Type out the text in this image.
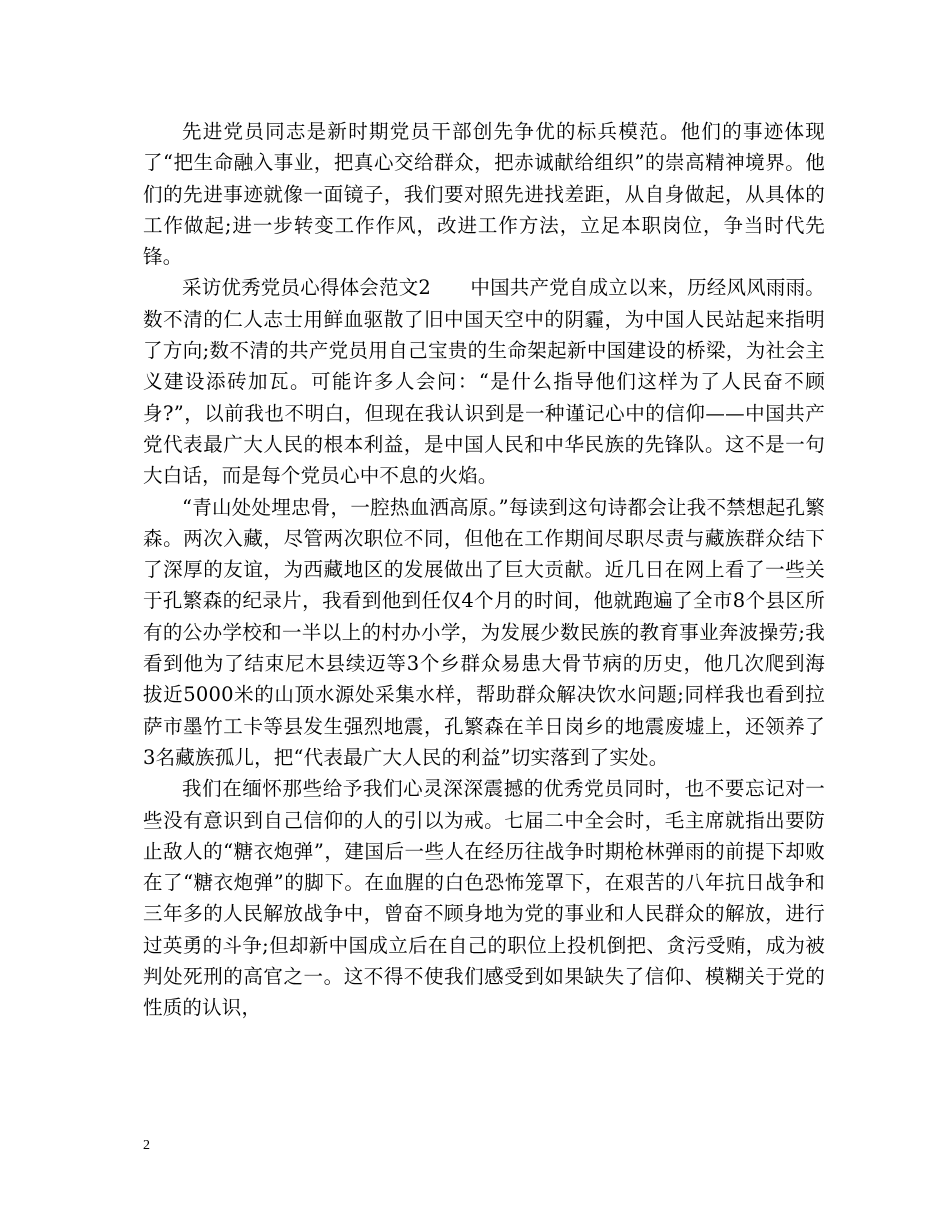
先进党员同志是新时期党员干部创先争优的标兵模范。他们的事迹体现了“把生命融入事业，把真心交给群众，把赤诚献给组织”的崇高精神境界。他们的先进事迹就像一面镜子，我们要对照先进找差距，从自身做起，从具体的工作做起;进一步转变工作作风，改进工作方法，立足本职岗位，争当时代先锋。

采访优秀党员心得体会范文2　　中国共产党自成立以来，历经风风雨雨。数不清的仁人志士用鲜血驱散了旧中国天空中的阴霾，为中国人民站起来指明了方向;数不清的共产党员用自己宝贵的生命架起新中国建设的桥梁，为社会主义建设添砖加瓦。可能许多人会问：“是什么指导他们这样为了人民奋不顾身?”，以前我也不明白，但现在我认识到是一种谨记心中的信仰——中国共产党代表最广大人民的根本利益，是中国人民和中华民族的先锋队。这不是一句大白话，而是每个党员心中不息的火焰。

“青山处处埋忠骨，一腔热血洒高原。”每读到这句诗都会让我不禁想起孔繁森。两次入藏，尽管两次职位不同，但他在工作期间尽职尽责与藏族群众结下了深厚的友谊，为西藏地区的发展做出了巨大贡献。近几日在网上看了一些关于孔繁森的纪录片，我看到他到任仅4个月的时间，他就跑遍了全市8个县区所有的公办学校和一半以上的村办小学，为发展少数民族的教育事业奔波操劳;我看到他为了结束尼木县续迈等3个乡群众易患大骨节病的历史，他几次爬到海拔近5000米的山顶水源处采集水样，帮助群众解决饮水问题;同样我也看到拉萨市墨竹工卡等县发生强烈地震，孔繁森在羊日岗乡的地震废墟上，还领养了3名藏族孤儿，把“代表最广大人民的利益”切实落到了实处。

我们在缅怀那些给予我们心灵深深震撼的优秀党员同时，也不要忘记对一些没有意识到自己信仰的人的引以为戒。七届二中全会时，毛主席就指出要防止敌人的“糖衣炮弹”，建国后一些人在经历往战争时期枪林弹雨的前提下却败在了“糖衣炮弹”的脚下。在血腥的白色恐怖笼罩下，在艰苦的八年抗日战争和三年多的人民解放战争中，曾奋不顾身地为党的事业和人民群众的解放，进行过英勇的斗争;但却新中国成立后在自己的职位上投机倒把、贪污受贿，成为被判处死刑的高官之一。这不得不使我们感受到如果缺失了信仰、模糊关于党的性质的认识，

2
